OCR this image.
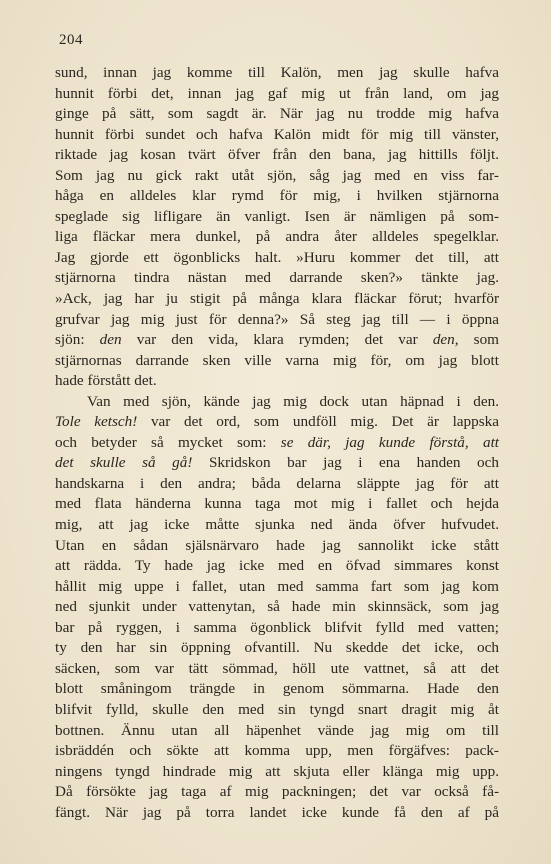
204
sund, innan jag komme till Kalön, men jag skulle hafva
hunnit förbi det, innan jag gaf mig ut från land, om jag
ginge på sätt, som sagdt är. När jag nu trodde mig hafva
hunnit förbi sundet och hafva Kalön midt för mig till vänster,
riktade jag kosan tvärt öfver från den bana, jag hittills följt.
Som jag nu gick rakt utåt sjön, såg jag med en viss far-
håga en alldeles klar rymd för mig, i hvilken stjärnorna
speglade sig lifligare än vanligt. Isen är nämligen på som-
liga fläckar mera dunkel, på andra åter alldeles spegelklar.
Jag gjorde ett ögonblicks halt. »Huru kommer det till, att
stjärnorna tindra nästan med darrande sken?» tänkte jag.
»Ack, jag har ju stigit på många klara fläckar förut; hvarför
grufvar jag mig just för denna?» Så steg jag till — i öppna
sjön: den var den vida, klara rymden; det var den, som
stjärnornas darrande sken ville varna mig för, om jag blott
hade förstått det.
Van med sjön, kände jag mig dock utan häpnad i den.
Tole ketsch! var det ord, som undföll mig. Det är lappska
och betyder så mycket som: se där, jag kunde förstå, att
det skulle så gå! Skridskon bar jag i ena handen och
handskarna i den andra; båda delarna släppte jag för att
med flata händerna kunna taga mot mig i fallet och hejda
mig, att jag icke måtte sjunka ned ända öfver hufvudet.
Utan en sådan själsnärvaro hade jag sannolikt icke stått
att rädda. Ty hade jag icke med en öfvad simmares konst
hållit mig uppe i fallet, utan med samma fart som jag kom
ned sjunkit under vattenytan, så hade min skinnsäck, som jag
bar på ryggen, i samma ögonblick blifvit fylld med vatten;
ty den har sin öppning ofvantill. Nu skedde det icke, och
säcken, som var tätt sömmad, höll ute vattnet, så att det
blott småningom trängde in genom sömmarna. Hade den
blifvit fylld, skulle den med sin tyngd snart dragit mig åt
bottnen. Ännu utan all häpenhet vände jag mig om till
isbräddén och sökte att komma upp, men förgäfves: pack-
ningens tyngd hindrade mig att skjuta eller klänga mig upp.
Då försökte jag taga af mig packningen; det var också få-
fängt. När jag på torra landet icke kunde få den af på
